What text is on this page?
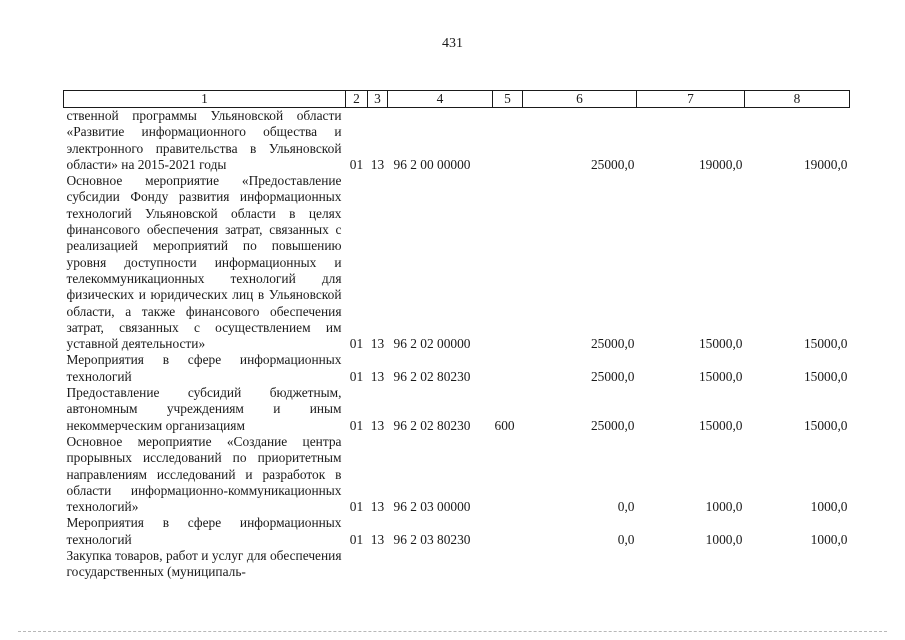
431
1	2	3	4	5	6	7	8
ственной программы Ульяновской области «Развитие информационного общества и электронного правительства в Ульяновской области» на 2015-2021 годы	01	13	96 2 00 00000		25000,0	19000,0	19000,0
Основное мероприятие «Предоставление субсидии Фонду развития информационных технологий Ульяновской области в целях финансового обеспечения затрат, связанных с реализацией мероприятий по повышению уровня доступности информационных и телекоммуникационных технологий для физических и юридических лиц в Ульяновской области, а также финансового обеспечения затрат, связанных с осуществлением им уставной деятельности»	01	13	96 2 02 00000		25000,0	15000,0	15000,0
Мероприятия в сфере информационных технологий	01	13	96 2 02 80230		25000,0	15000,0	15000,0
Предоставление субсидий бюджетным, автономным учреждениям и иным некоммерческим организациям	01	13	96 2 02 80230	600	25000,0	15000,0	15000,0
Основное мероприятие «Создание центра прорывных исследований по приоритетным направлениям исследований и разработок в области информационно-коммуникационных технологий»	01	13	96 2 03 00000		0,0	1000,0	1000,0
Мероприятия в сфере информационных технологий	01	13	96 2 03 80230		0,0	1000,0	1000,0
Закупка товаров, работ и услуг для обеспечения государственных (муниципаль-							
